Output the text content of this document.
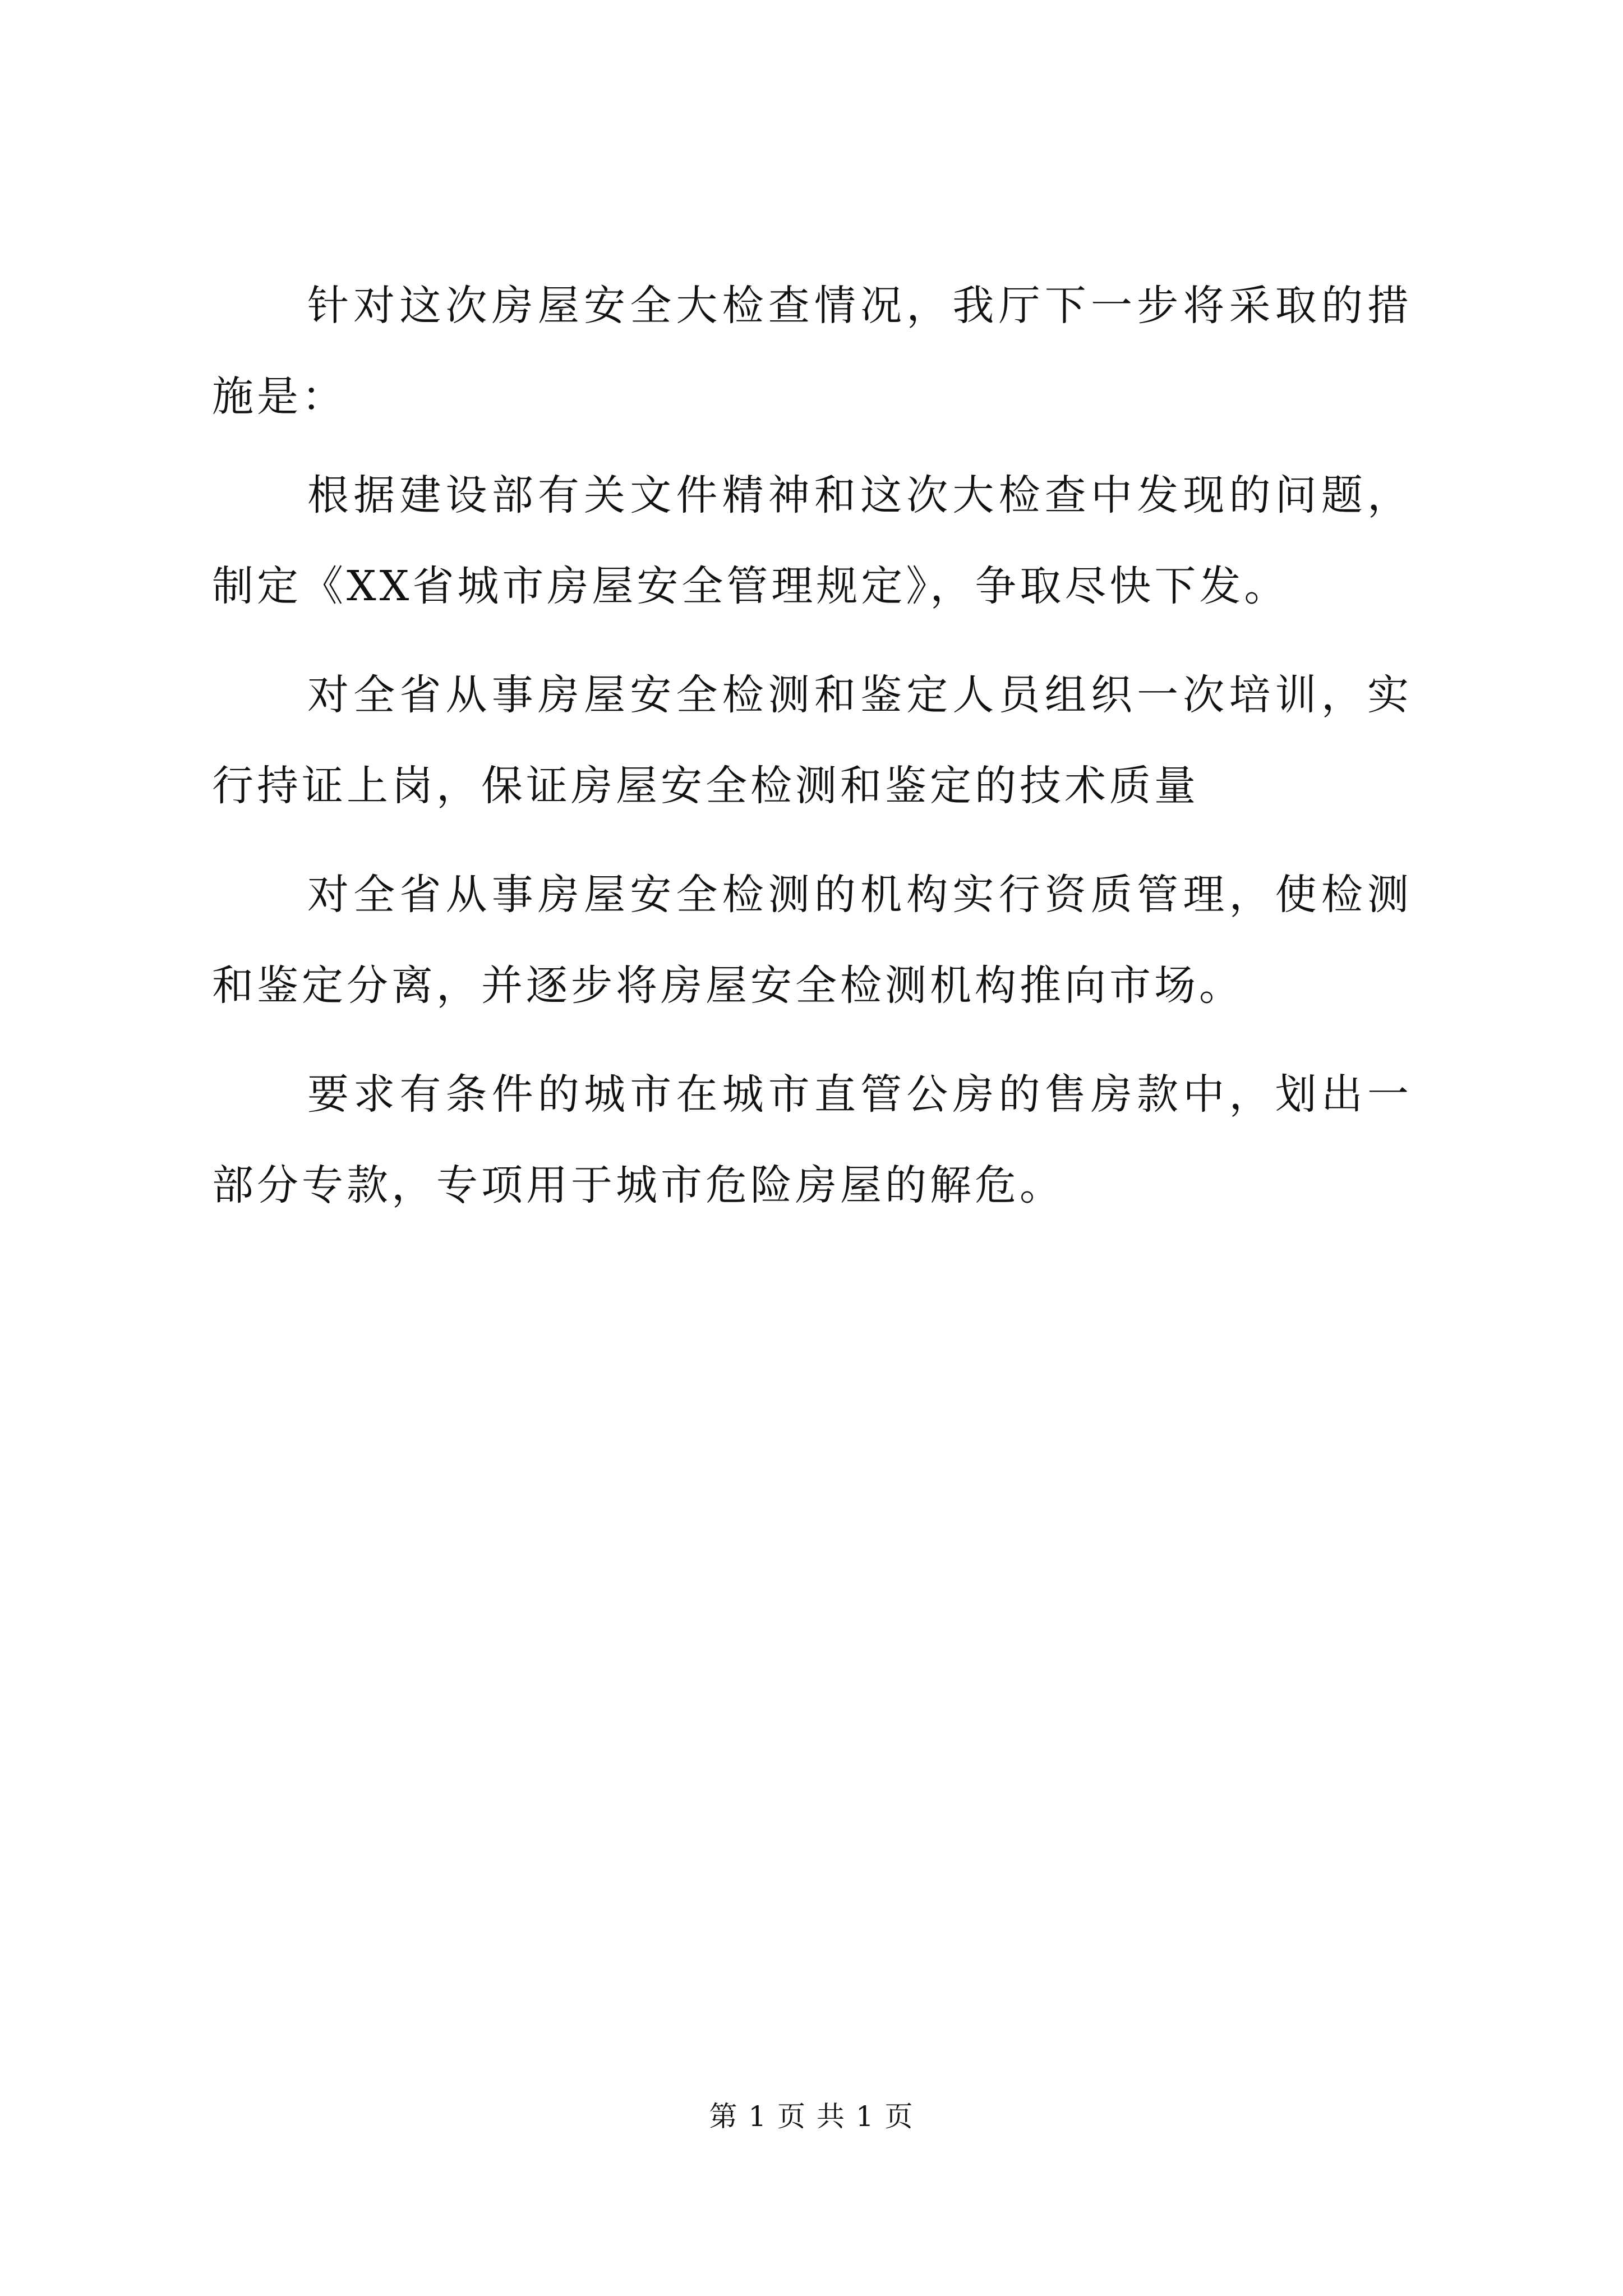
针对这次房屋安全大检查情况，我厅下一步将采取的措施是：

根据建设部有关文件精神和这次大检查中发现的问题，制定《XX省城市房屋安全管理规定》，争取尽快下发。

对全省从事房屋安全检测和鉴定人员组织一次培训，实行持证上岗，保证房屋安全检测和鉴定的技术质量

对全省从事房屋安全检测的机构实行资质管理，使检测和鉴定分离，并逐步将房屋安全检测机构推向市场。

要求有条件的城市在城市直管公房的售房款中，划出一部分专款，专项用于城市危险房屋的解危。

第 1 页 共 1 页
